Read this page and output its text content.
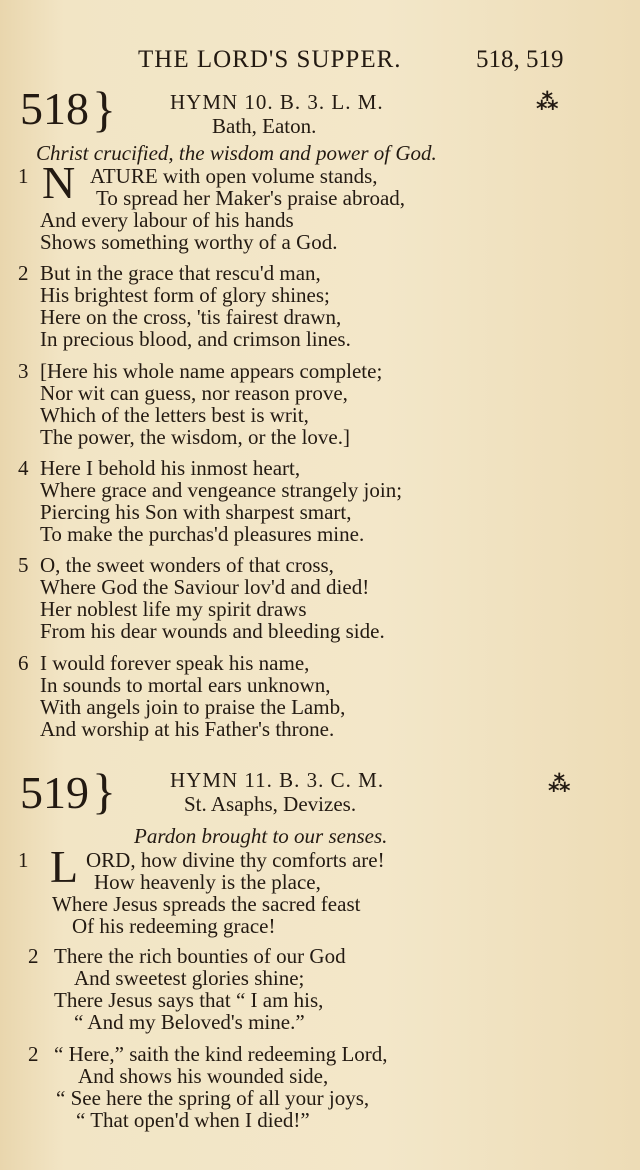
THE LORD'S SUPPER.	518, 519
518 }	HYMN 10. B. 3. L. M.
Bath, Eaton.
⁂
Christ crucified, the wisdom and power of God.
1 N ATURE with open volume stands,
To spread her Maker's praise abroad,
And every labour of his hands
Shows something worthy of a God.
2 But in the grace that rescu'd man,
His brightest form of glory shines;
Here on the cross, 'tis fairest drawn,
In precious blood, and crimson lines.
3 [Here his whole name appears complete;
Nor wit can guess, nor reason prove,
Which of the letters best is writ,
The power, the wisdom, or the love.]
4 Here I behold his inmost heart,
Where grace and vengeance strangely join;
Piercing his Son with sharpest smart,
To make the purchas'd pleasures mine.
5 O, the sweet wonders of that cross,
Where God the Saviour lov'd and died!
Her noblest life my spirit draws
From his dear wounds and bleeding side.
6 I would forever speak his name,
In sounds to mortal ears unknown,
With angels join to praise the Lamb,
And worship at his Father's throne.
519 }	HYMN 11. B. 3. C. M.
St. Asaphs, Devizes.
⁂
Pardon brought to our senses.
1 L ORD, how divine thy comforts are!
How heavenly is the place,
Where Jesus spreads the sacred feast
Of his redeeming grace!
2 There the rich bounties of our God
And sweetest glories shine;
There Jesus says that “ I am his,
“ And my Beloved's mine.”
2 “ Here,” saith the kind redeeming Lord,
And shows his wounded side,
“ See here the spring of all your joys,
“ That open'd when I died!”
